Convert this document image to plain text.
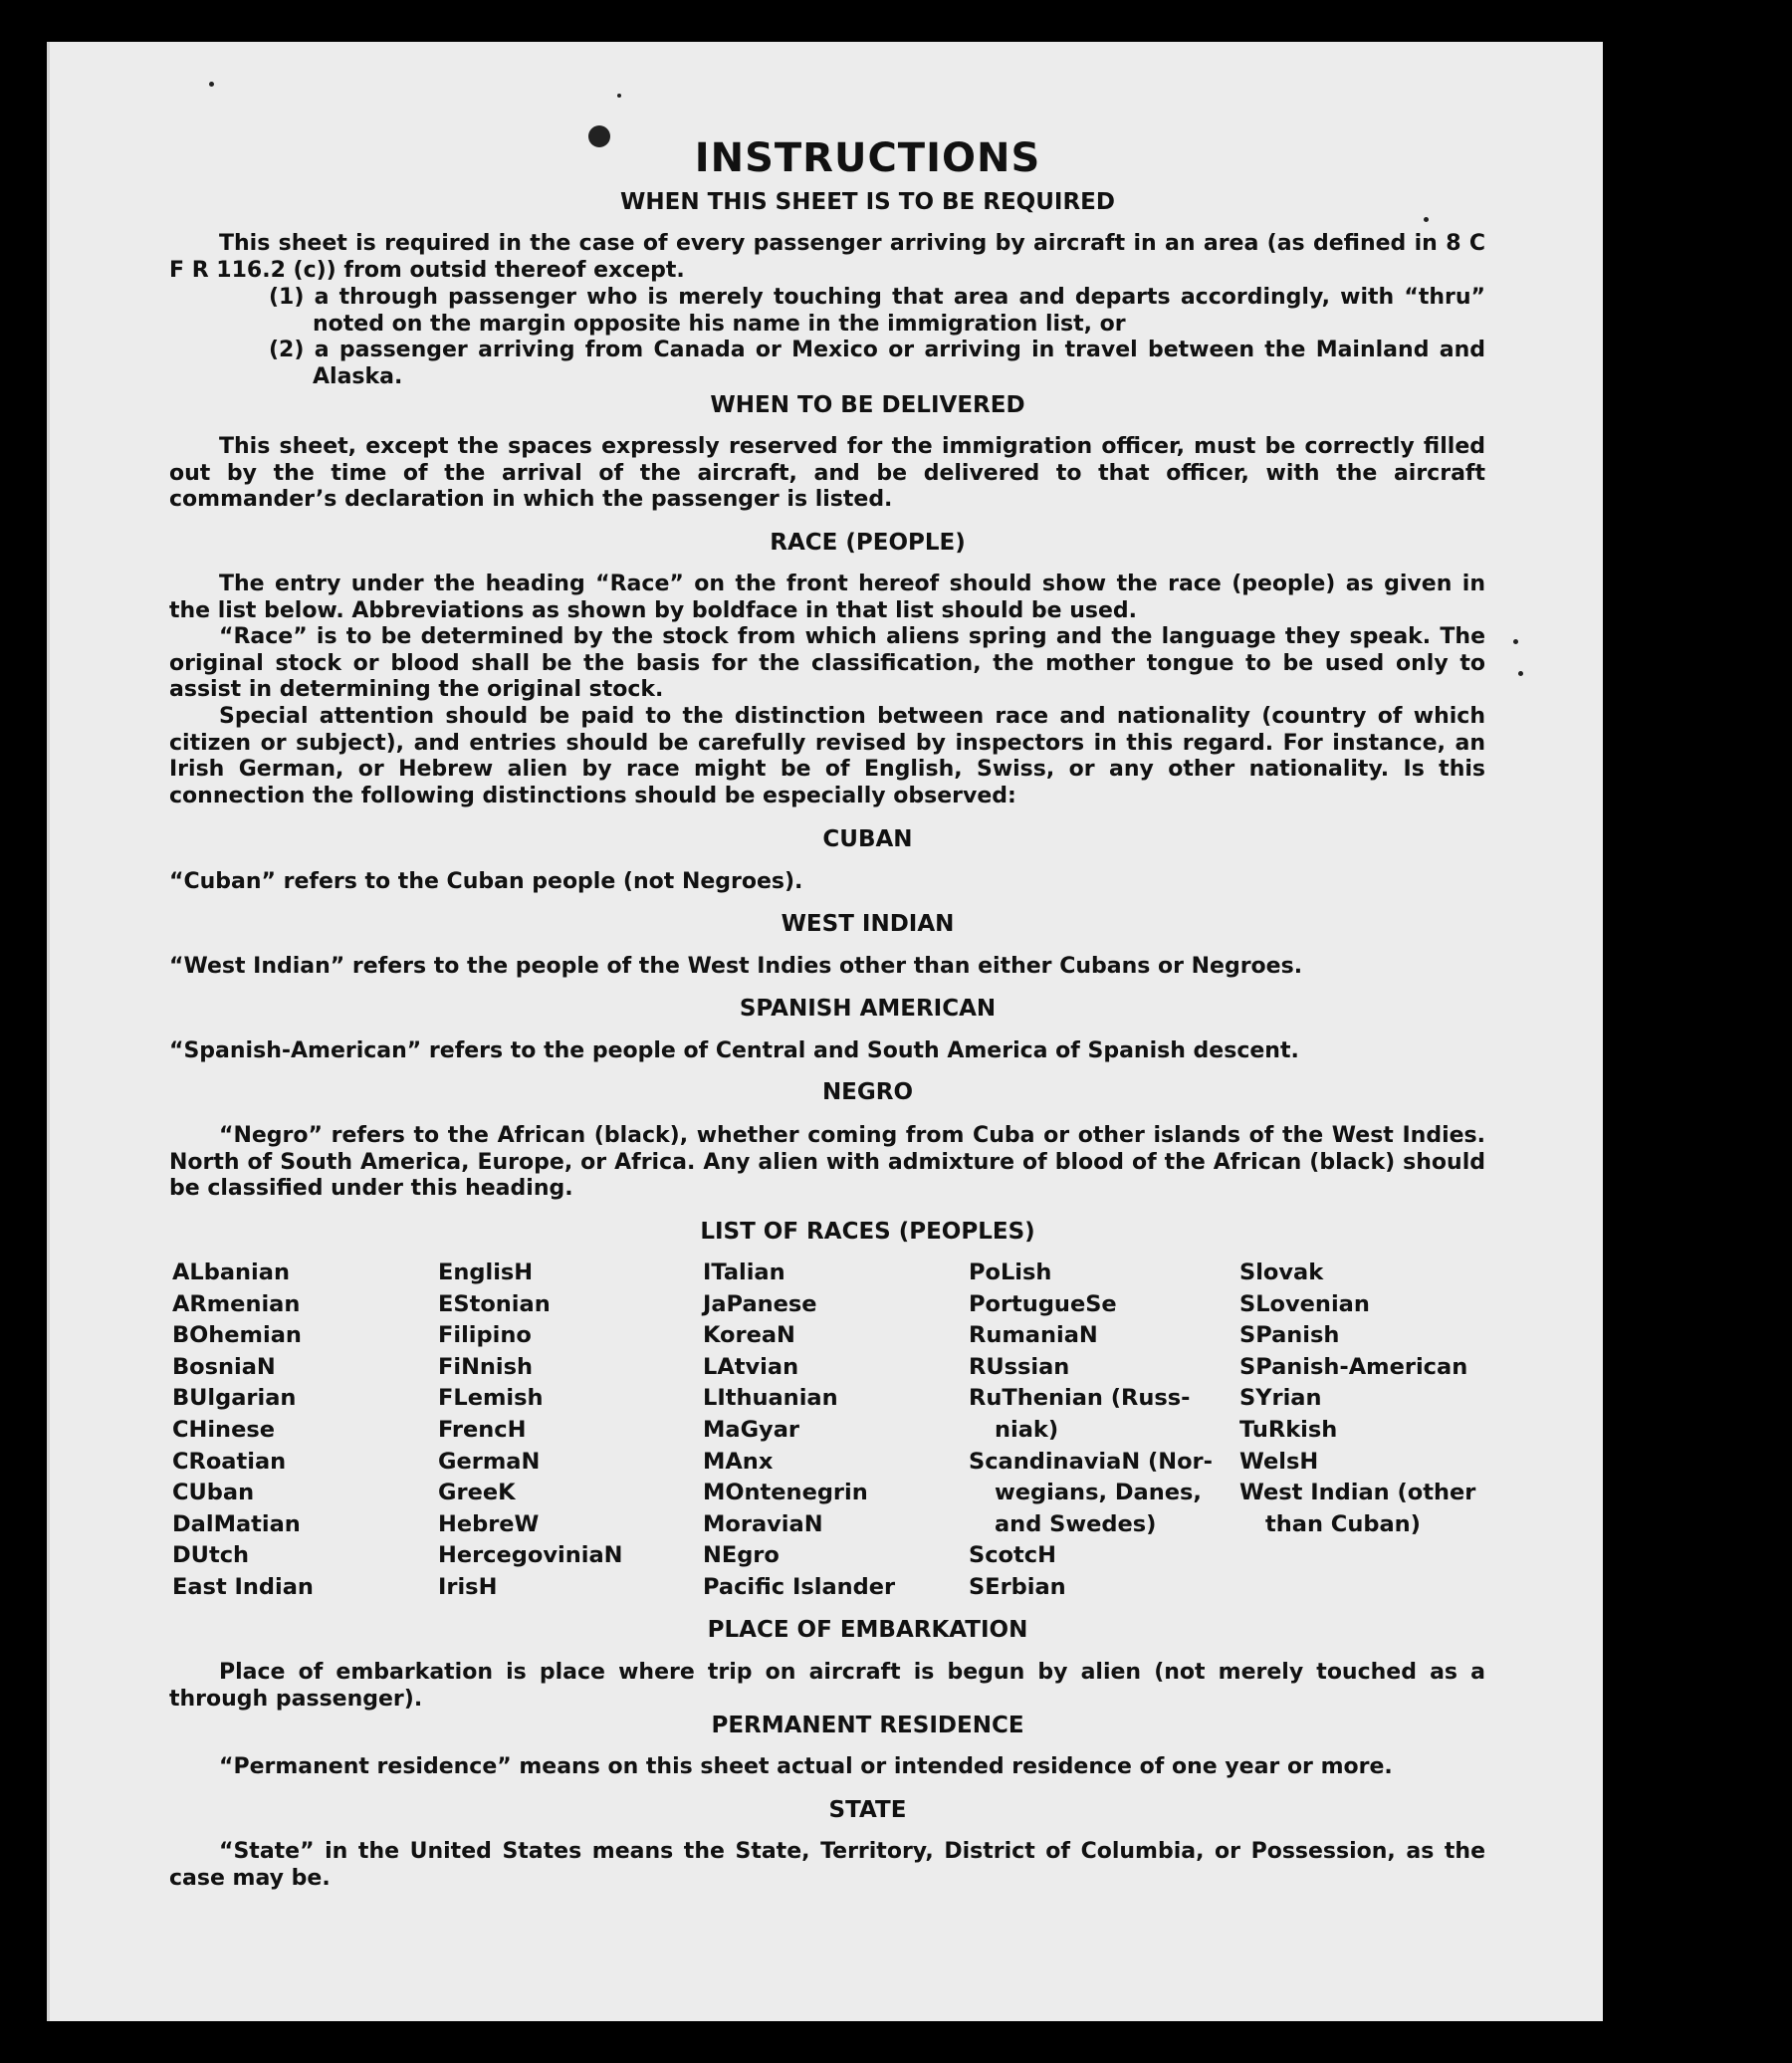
INSTRUCTIONS
WHEN THIS SHEET IS TO BE REQUIRED
This sheet is required in the case of every passenger arriving by aircraft in an area (as defined in 8 C F R 116.2 (c)) from outsid thereof except.
(1) a through passenger who is merely touching that area and departs accordingly, with “thru” noted on the margin opposite his name in the immigration list, or
(2) a passenger arriving from Canada or Mexico or arriving in travel between the Mainland and Alaska.
WHEN TO BE DELIVERED
This sheet, except the spaces expressly reserved for the immigration officer, must be correctly filled out by the time of the arrival of the aircraft, and be delivered to that officer, with the aircraft commander’s declaration in which the passenger is listed.
RACE (PEOPLE)
The entry under the heading “Race” on the front hereof should show the race (people) as given in the list below. Abbreviations as shown by boldface in that list should be used.
“Race” is to be determined by the stock from which aliens spring and the language they speak. The original stock or blood shall be the basis for the classification, the mother tongue to be used only to assist in determining the original stock.
Special attention should be paid to the distinction between race and nationality (country of which citizen or subject), and entries should be carefully revised by inspectors in this regard. For instance, an Irish German, or Hebrew alien by race might be of English, Swiss, or any other nationality. Is this connection the following distinctions should be especially observed:
CUBAN
“Cuban” refers to the Cuban people (not Negroes).
WEST INDIAN
“West Indian” refers to the people of the West Indies other than either Cubans or Negroes.
SPANISH AMERICAN
“Spanish-American” refers to the people of Central and South America of Spanish descent.
NEGRO
“Negro” refers to the African (black), whether coming from Cuba or other islands of the West Indies. North of South America, Europe, or Africa. Any alien with admixture of blood of the African (black) should be classified under this heading.
LIST OF RACES (PEOPLES)
ALbanian
ARmenian
BOhemian
BosniaN
BUlgarian
CHinese
CRoatian
CUban
DalMatian
DUtch
East Indian
EnglisH
EStonian
Filipino
FiNnish
FLemish
FrencH
GermaN
GreeK
HebreW
HercegoviniaN
IrisH
ITalian
JaPanese
KoreaN
LAtvian
LIthuanian
MaGyar
MAnx
MOntenegrin
MoraviaN
NEgro
Pacific Islander
PoLish
PortugueSe
RumaniaN
RUssian
RuThenian (Russ-
niak)
ScandinaviaN (Nor-
wegians, Danes,
and Swedes)
ScotcH
SErbian
Slovak
SLovenian
SPanish
SPanish-American
SYrian
TuRkish
WelsH
West Indian (other
than Cuban)
PLACE OF EMBARKATION
Place of embarkation is place where trip on aircraft is begun by alien (not merely touched as a through passenger).
PERMANENT RESIDENCE
“Permanent residence” means on this sheet actual or intended residence of one year or more.
STATE
“State” in the United States means the State, Territory, District of Columbia, or Possession, as the case may be.
